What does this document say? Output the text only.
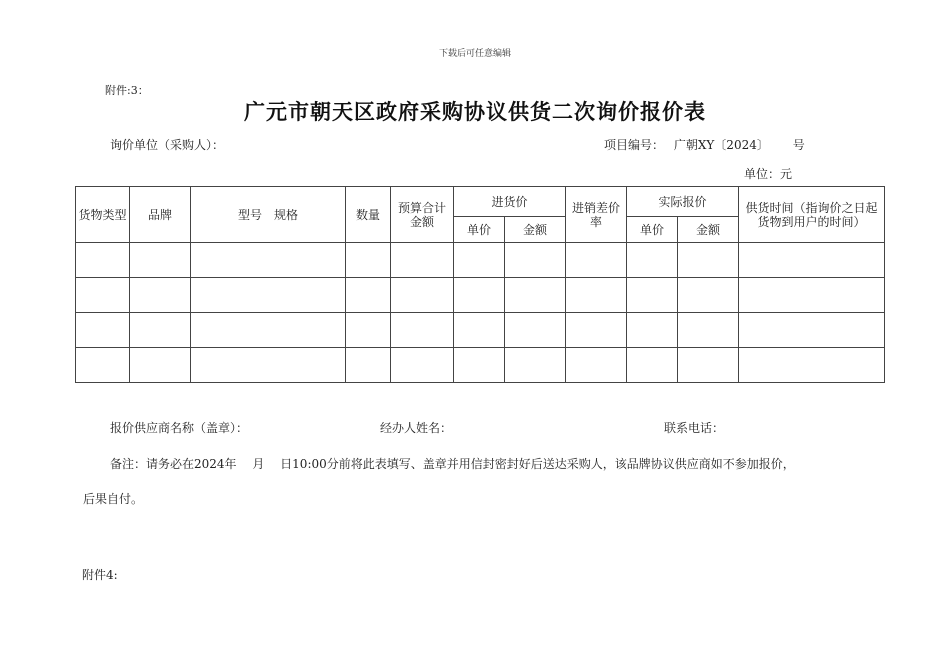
下载后可任意编辑
附件:3：
广元市朝天区政府采购协议供货二次询价报价表
询价单位（采购人）：	项目编号： 广朝XY〔2024〕 号
单位：元
货物类型	品牌	型号　规格	数量	预算合计金额	进货价		进销差价率	实际报价		供货时间（指询价之日起货物到用户的时间）
					单价	金额		单价	金额	

报价供应商名称（盖章）：	经办人姓名：	联系电话：
备注：请务必在2024年　 月　 日10:00分前将此表填写、盖章并用信封密封好后送达采购人，该品牌协议供应商如不参加报价，
后果自付。
附件4:
